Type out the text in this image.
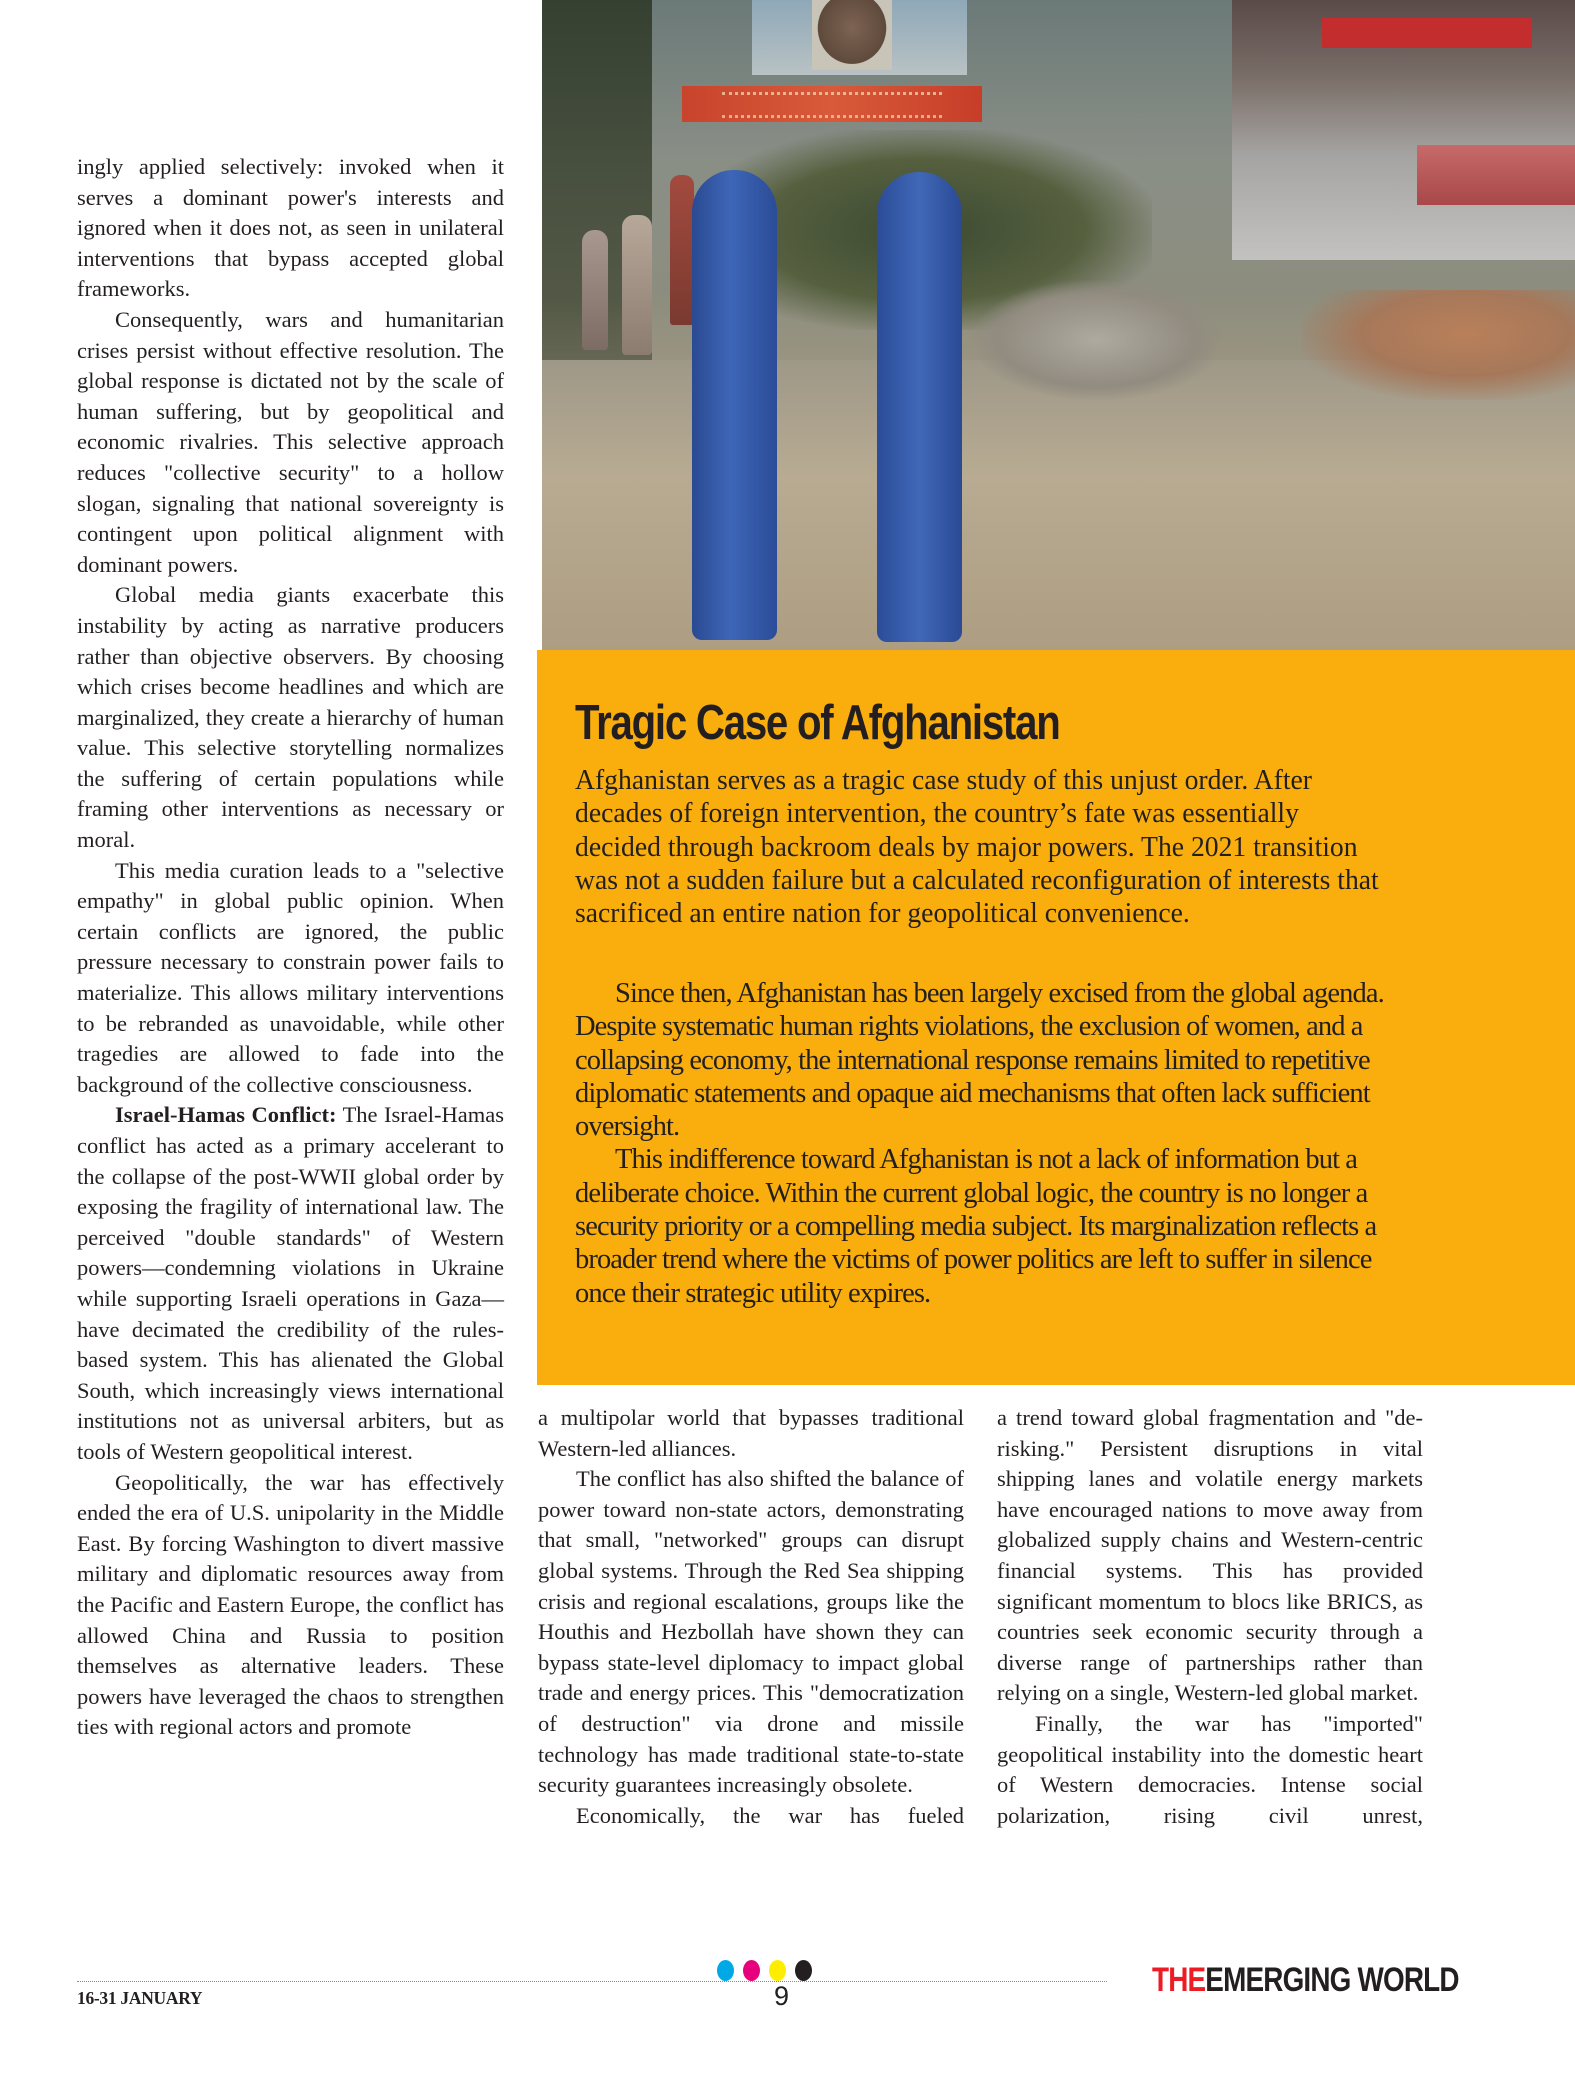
ingly applied selectively: invoked when it serves a dominant power's interests and ignored when it does not, as seen in unilateral interventions that bypass accepted global frameworks.

Consequently, wars and humanitarian crises persist without effective resolution. The global response is dictated not by the scale of human suffering, but by geopolitical and economic rivalries. This selective approach reduces "collective security" to a hollow slogan, signaling that national sovereignty is contingent upon political alignment with dominant powers.

Global media giants exacerbate this instability by acting as narrative producers rather than objective observers. By choosing which crises become headlines and which are marginalized, they create a hierarchy of human value. This selective storytelling normalizes the suffering of certain populations while framing other interventions as necessary or moral.

This media curation leads to a "selective empathy" in global public opinion. When certain conflicts are ignored, the public pressure necessary to constrain power fails to materialize. This allows military interventions to be rebranded as unavoidable, while other tragedies are allowed to fade into the background of the collective consciousness.

Israel-Hamas Conflict: The Israel-Hamas conflict has acted as a primary accelerant to the collapse of the post-WWII global order by exposing the fragility of international law. The perceived "double standards" of Western powers—condemning violations in Ukraine while supporting Israeli operations in Gaza—have decimated the credibility of the rules-based system. This has alienated the Global South, which increasingly views international institutions not as universal arbiters, but as tools of Western geopolitical interest.

Geopolitically, the war has effectively ended the era of U.S. unipolarity in the Middle East. By forcing Washington to divert massive military and diplomatic resources away from the Pacific and Eastern Europe, the conflict has allowed China and Russia to position themselves as alternative leaders. These powers have leveraged the chaos to strengthen ties with regional actors and promote

Tragic Case of Afghanistan
Afghanistan serves as a tragic case study of this unjust order. After decades of foreign intervention, the country’s fate was essentially decided through backroom deals by major powers. The 2021 transition was not a sudden failure but a calculated reconfiguration of interests that sacrificed an entire nation for geopolitical convenience.

Since then, Afghanistan has been largely excised from the global agenda. Despite systematic human rights violations, the exclusion of women, and a collapsing economy, the international response remains limited to repetitive diplomatic statements and opaque aid mechanisms that often lack sufficient oversight.

This indifference toward Afghanistan is not a lack of information but a deliberate choice. Within the current global logic, the country is no longer a security priority or a compelling media subject. Its marginalization reflects a broader trend where the victims of power politics are left to suffer in silence once their strategic utility expires.

a multipolar world that bypasses traditional Western-led alliances.

The conflict has also shifted the balance of power toward non-state actors, demonstrating that small, "networked" groups can disrupt global systems. Through the Red Sea shipping crisis and regional escalations, groups like the Houthis and Hezbollah have shown they can bypass state-level diplomacy to impact global trade and energy prices. This "democratization of destruction" via drone and missile technology has made traditional state-to-state security guarantees increasingly obsolete.

Economically, the war has fueled

a trend toward global fragmentation and "de-risking." Persistent disruptions in vital shipping lanes and volatile energy markets have encouraged nations to move away from globalized supply chains and Western-centric financial systems. This has provided significant momentum to blocs like BRICS, as countries seek economic security through a diverse range of partnerships rather than relying on a single, Western-led global market.

Finally, the war has "imported" geopolitical instability into the domestic heart of Western democracies. Intense social polarization, rising civil unrest,

16-31 JANUARY	9	THEEMERGING WORLD
